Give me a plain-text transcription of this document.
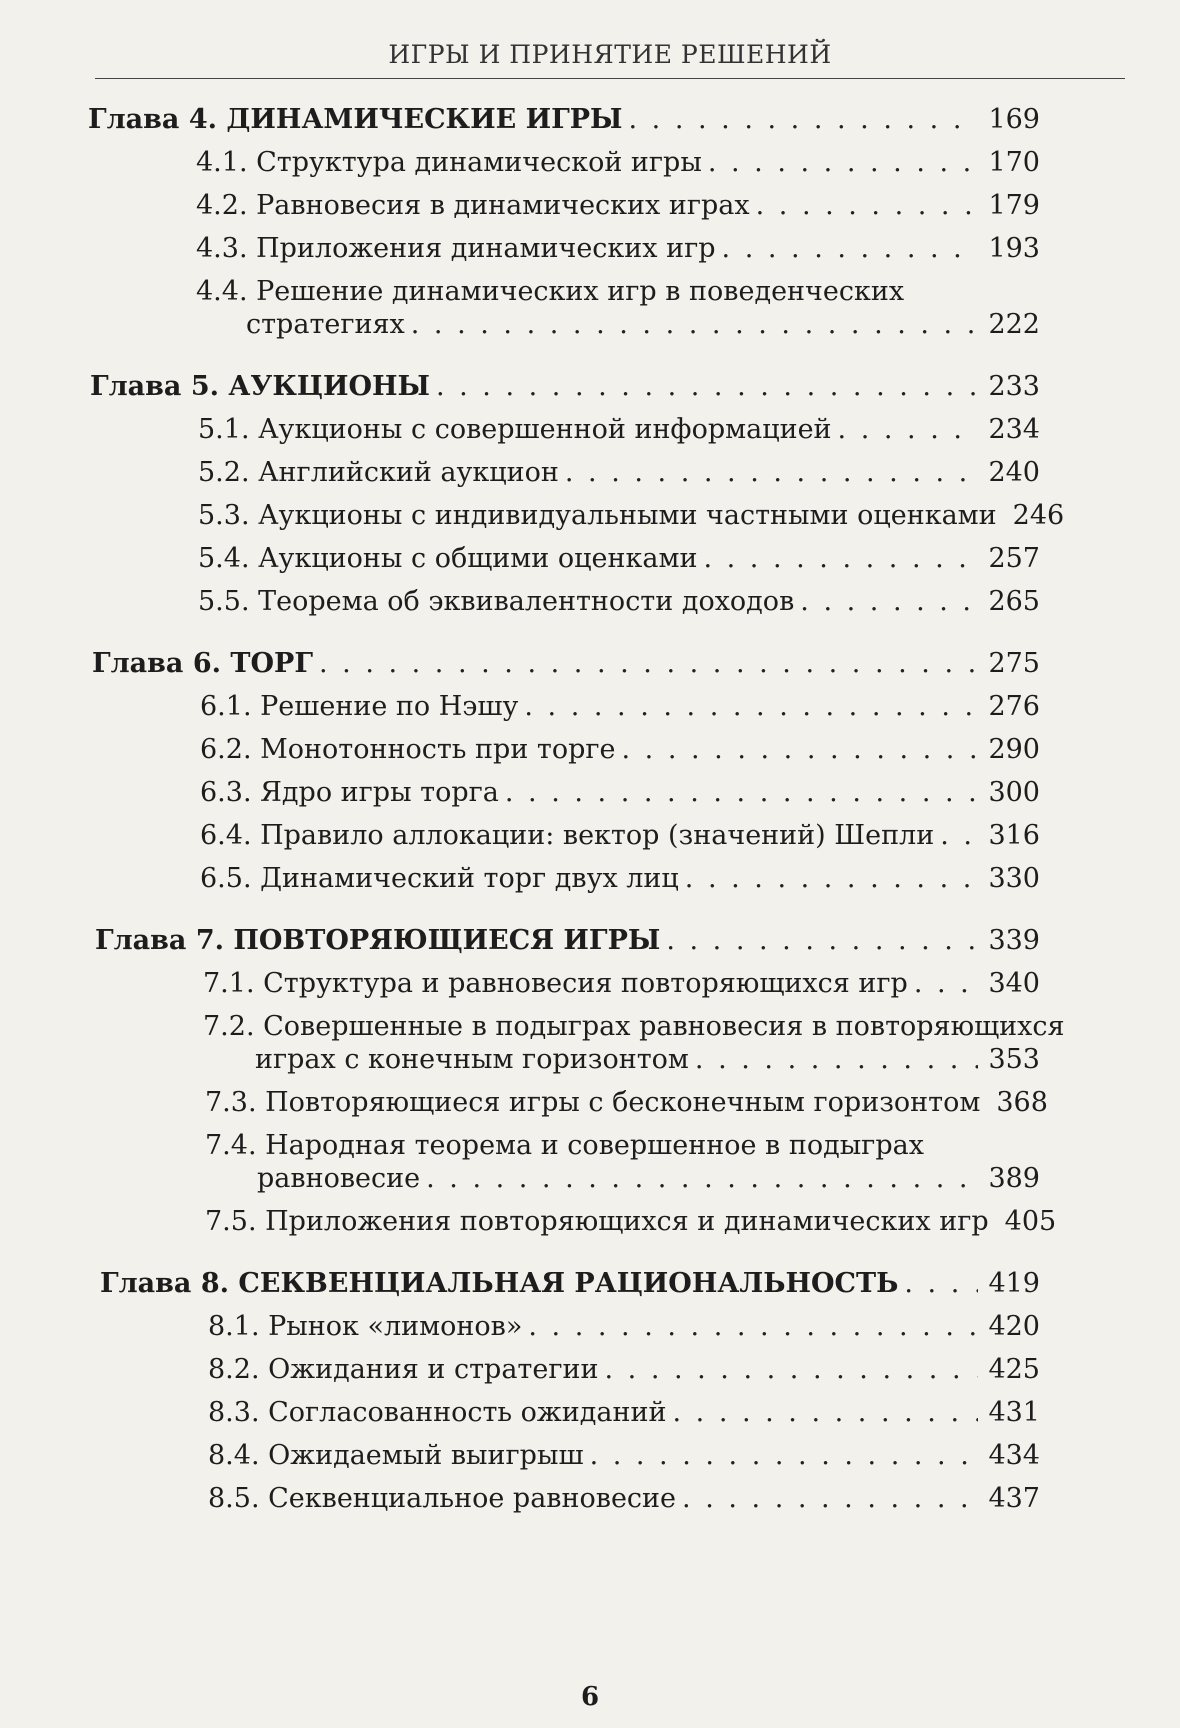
ИГРЫ И ПРИНЯТИЕ РЕШЕНИЙ
Глава 4. ДИНАМИЧЕСКИЕ ИГРЫ . . .	169
4.1. Структура динамической игры . . .	170
4.2. Равновесия в динамических играх . . .	179
4.3. Приложения динамических игр . . .	193
4.4. Решение динамических игр в поведенческих
стратегиях . . .	222
Глава 5. АУКЦИОНЫ . . .	233
5.1. Аукционы с совершенной информацией . . .	234
5.2. Английский аукцион . . .	240
5.3. Аукционы с индивидуальными частными оценками 246
5.4. Аукционы с общими оценками . . .	257
5.5. Теорема об эквивалентности доходов . . .	265
Глава 6. ТОРГ . . .	275
6.1. Решение по Нэшу . . .	276
6.2. Монотонность при торге . . .	290
6.3. Ядро игры торга . . .	300
6.4. Правило аллокации: вектор (значений) Шепли . . . 316
6.5. Динамический торг двух лиц . . .	330
Глава 7. ПОВТОРЯЮЩИЕСЯ ИГРЫ . . .	339
7.1. Структура и равновесия повторяющихся игр . . .	340
7.2. Совершенные в подыграх равновесия в повторяющихся
играх с конечным горизонтом . . .	353
7.3. Повторяющиеся игры с бесконечным горизонтом 368
7.4. Народная теорема и совершенное в подыграх
равновесие . . .	389
7.5. Приложения повторяющихся и динамических игр 405
Глава 8. СЕКВЕНЦИАЛЬНАЯ РАЦИОНАЛЬНОСТЬ . . .	419
8.1. Рынок «лимонов» . . .	420
8.2. Ожидания и стратегии . . .	425
8.3. Согласованность ожиданий . . .	431
8.4. Ожидаемый выигрыш . . .	434
8.5. Секвенциальное равновесие . . .	437
6
